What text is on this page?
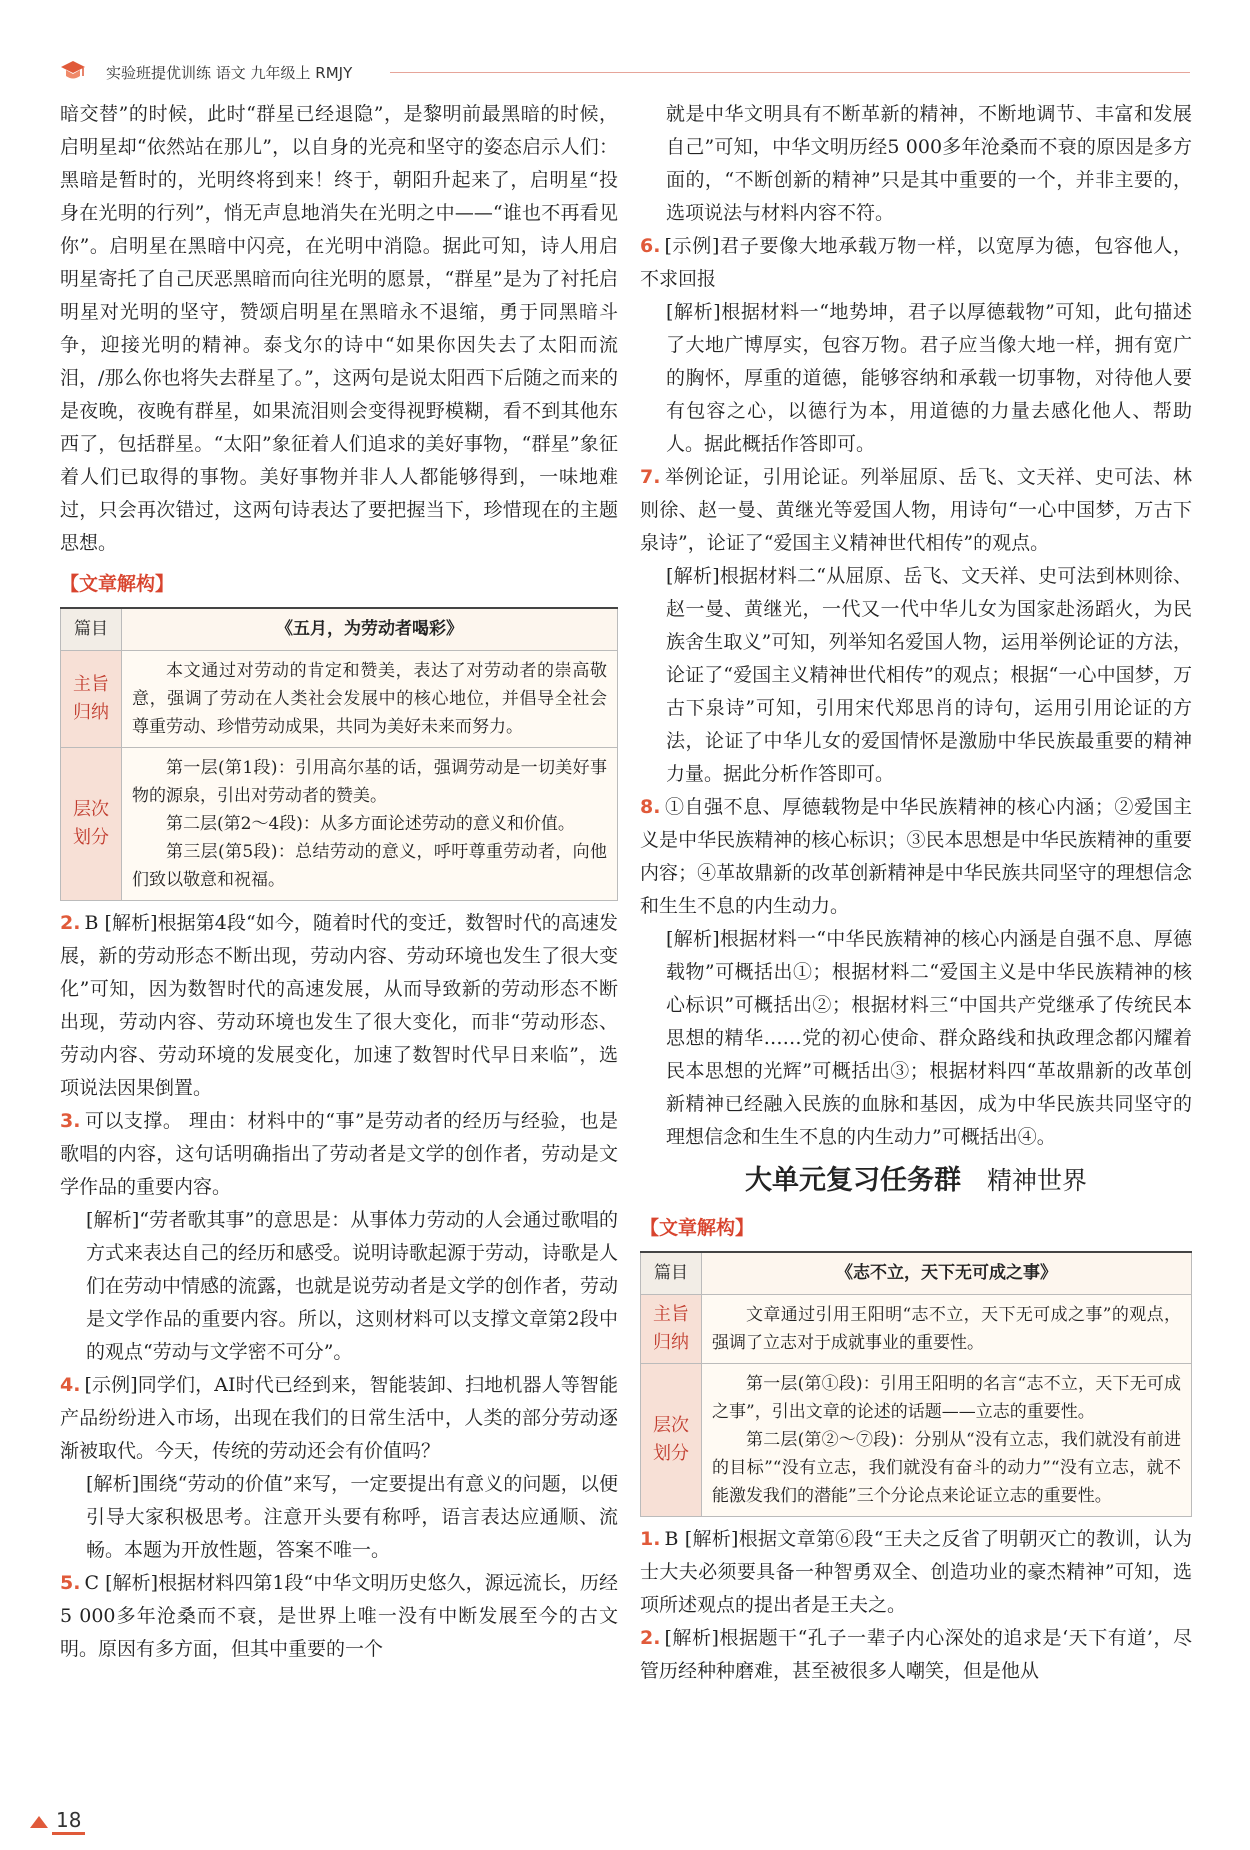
实验班提优训练 语文 九年级上 RMJY

暗交替”的时候，此时“群星已经退隐”，是黎明前最黑暗的时候，启明星却“依然站在那儿”，以自身的光亮和坚守的姿态启示人们：黑暗是暂时的，光明终将到来！终于，朝阳升起来了，启明星“投身在光明的行列”，悄无声息地消失在光明之中——“谁也不再看见你”。启明星在黑暗中闪亮，在光明中消隐。据此可知，诗人用启明星寄托了自己厌恶黑暗而向往光明的愿景，“群星”是为了衬托启明星对光明的坚守，赞颂启明星在黑暗永不退缩，勇于同黑暗斗争，迎接光明的精神。泰戈尔的诗中“如果你因失去了太阳而流泪，/那么你也将失去群星了。”，这两句是说太阳西下后随之而来的是夜晚，夜晚有群星，如果流泪则会变得视野模糊，看不到其他东西了，包括群星。“太阳”象征着人们追求的美好事物，“群星”象征着人们已取得的事物。美好事物并非人人都能够得到，一味地难过，只会再次错过，这两句诗表达了要把握当下，珍惜现在的主题思想。

【文章解构】
篇目	《五月，为劳动者喝彩》
主旨归纳	本文通过对劳动的肯定和赞美，表达了对劳动者的崇高敬意，强调了劳动在人类社会发展中的核心地位，并倡导全社会尊重劳动、珍惜劳动成果，共同为美好未来而努力。

层次划分	第一层(第1段)：引用高尔基的话，强调劳动是一切美好事物的源泉，引出对劳动者的赞美。

第二层(第2～4段)：从多方面论述劳动的意义和价值。

第三层(第5段)：总结劳动的意义，呼吁尊重劳动者，向他们致以敬意和祝福。

2. B [解析]根据第4段“如今，随着时代的变迁，数智时代的高速发展，新的劳动形态不断出现，劳动内容、劳动环境也发生了很大变化”可知，因为数智时代的高速发展，从而导致新的劳动形态不断出现，劳动内容、劳动环境也发生了很大变化，而非“劳动形态、劳动内容、劳动环境的发展变化，加速了数智时代早日来临”，选项说法因果倒置。

3. 可以支撑。 理由：材料中的“事”是劳动者的经历与经验，也是歌唱的内容，这句话明确指出了劳动者是文学的创作者，劳动是文学作品的重要内容。

[解析]“劳者歌其事”的意思是：从事体力劳动的人会通过歌唱的方式来表达自己的经历和感受。说明诗歌起源于劳动，诗歌是人们在劳动中情感的流露，也就是说劳动者是文学的创作者，劳动是文学作品的重要内容。所以，这则材料可以支撑文章第2段中的观点“劳动与文学密不可分”。

4. [示例]同学们，AI时代已经到来，智能装卸、扫地机器人等智能产品纷纷进入市场，出现在我们的日常生活中，人类的部分劳动逐渐被取代。今天，传统的劳动还会有价值吗？

[解析]围绕“劳动的价值”来写，一定要提出有意义的问题，以便引导大家积极思考。注意开头要有称呼，语言表达应通顺、流畅。本题为开放性题，答案不唯一。

5. C [解析]根据材料四第1段“中华文明历史悠久，源远流长，历经5 000多年沧桑而不衰，是世界上唯一没有中断发展至今的古文明。原因有多方面，但其中重要的一个

就是中华文明具有不断革新的精神，不断地调节、丰富和发展自己”可知，中华文明历经5 000多年沧桑而不衰的原因是多方面的，“不断创新的精神”只是其中重要的一个，并非主要的，选项说法与材料内容不符。

6. [示例]君子要像大地承载万物一样，以宽厚为德，包容他人，不求回报

[解析]根据材料一“地势坤，君子以厚德载物”可知，此句描述了大地广博厚实，包容万物。君子应当像大地一样，拥有宽广的胸怀，厚重的道德，能够容纳和承载一切事物，对待他人要有包容之心，以德行为本，用道德的力量去感化他人、帮助人。据此概括作答即可。

7. 举例论证，引用论证。列举屈原、岳飞、文天祥、史可法、林则徐、赵一曼、黄继光等爱国人物，用诗句“一心中国梦，万古下泉诗”，论证了“爱国主义精神世代相传”的观点。

[解析]根据材料二“从屈原、岳飞、文天祥、史可法到林则徐、赵一曼、黄继光，一代又一代中华儿女为国家赴汤蹈火，为民族舍生取义”可知，列举知名爱国人物，运用举例论证的方法，论证了“爱国主义精神世代相传”的观点；根据“一心中国梦，万古下泉诗”可知，引用宋代郑思肖的诗句，运用引用论证的方法，论证了中华儿女的爱国情怀是激励中华民族最重要的精神力量。据此分析作答即可。

8. ①自强不息、厚德载物是中华民族精神的核心内涵；②爱国主义是中华民族精神的核心标识；③民本思想是中华民族精神的重要内容；④革故鼎新的改革创新精神是中华民族共同坚守的理想信念和生生不息的内生动力。

[解析]根据材料一“中华民族精神的核心内涵是自强不息、厚德载物”可概括出①；根据材料二“爱国主义是中华民族精神的核心标识”可概括出②；根据材料三“中国共产党继承了传统民本思想的精华……党的初心使命、群众路线和执政理念都闪耀着民本思想的光辉”可概括出③；根据材料四“革故鼎新的改革创新精神已经融入民族的血脉和基因，成为中华民族共同坚守的理想信念和生生不息的内生动力”可概括出④。

大单元复习任务群 精神世界
【文章解构】
篇目	《志不立，天下无可成之事》
主旨归纳	文章通过引用王阳明“志不立，天下无可成之事”的观点，强调了立志对于成就事业的重要性。

层次划分	第一层(第①段)：引用王阳明的名言“志不立，天下无可成之事”，引出文章的论述的话题——立志的重要性。

第二层(第②～⑦段)：分别从“没有立志，我们就没有前进的目标”“没有立志，我们就没有奋斗的动力”“没有立志，就不能激发我们的潜能”三个分论点来论证立志的重要性。

1. B [解析]根据文章第⑥段“王夫之反省了明朝灭亡的教训，认为士大夫必须要具备一种智勇双全、创造功业的豪杰精神”可知，选项所述观点的提出者是王夫之。

2. [解析]根据题干“孔子一辈子内心深处的追求是‘天下有道’，尽管历经种种磨难，甚至被很多人嘲笑，但是他从

18
